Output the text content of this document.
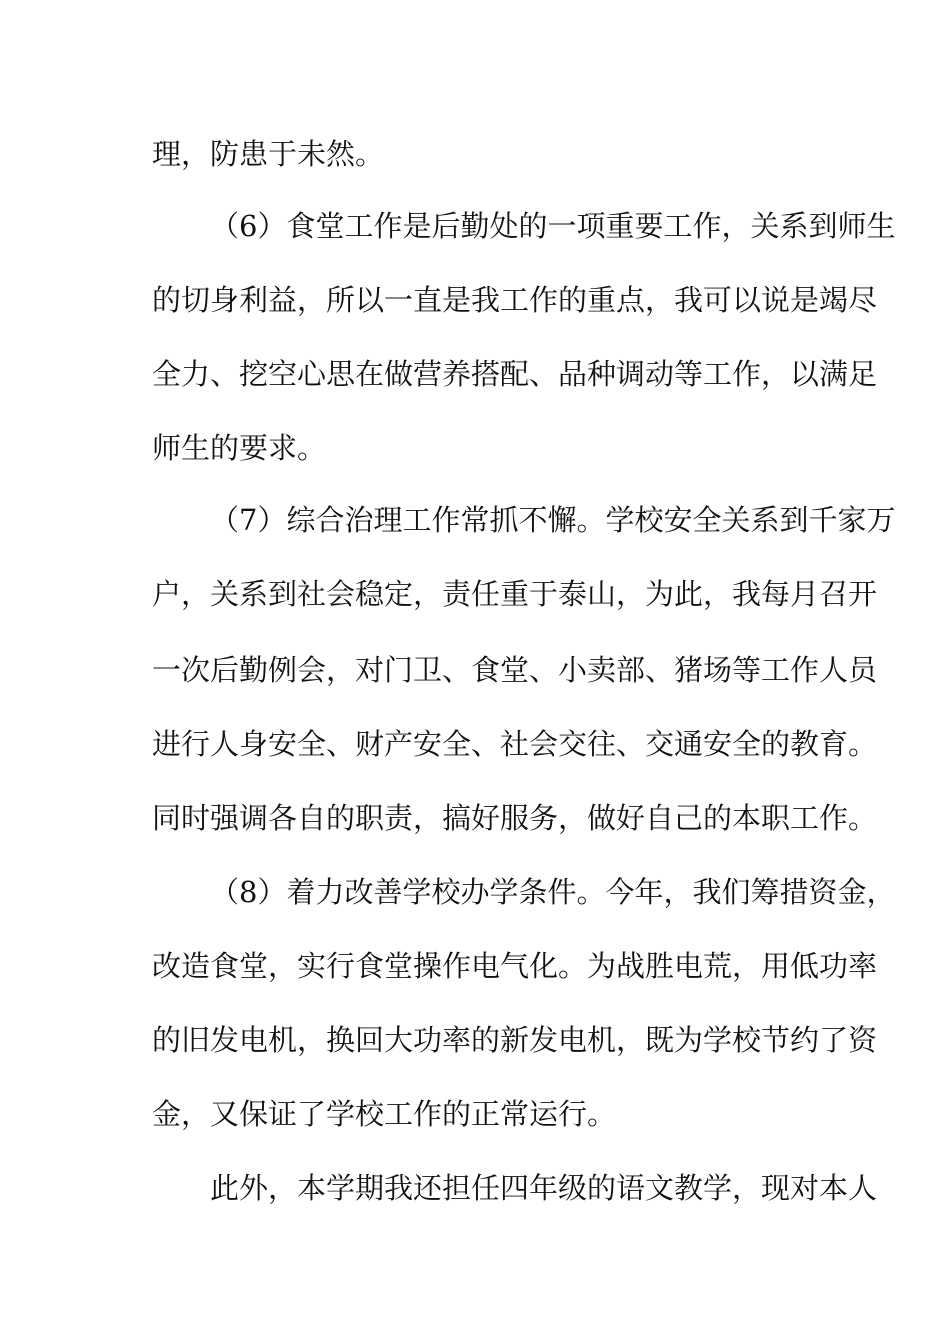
理，防患于未然。
（6）食堂工作是后勤处的一项重要工作，关系到师生
的切身利益，所以一直是我工作的重点，我可以说是竭尽
全力、挖空心思在做营养搭配、品种调动等工作，以满足
师生的要求。
（7）综合治理工作常抓不懈。学校安全关系到千家万
户，关系到社会稳定，责任重于泰山，为此，我每月召开
一次后勤例会，对门卫、食堂、小卖部、猪场等工作人员
进行人身安全、财产安全、社会交往、交通安全的教育。
同时强调各自的职责，搞好服务，做好自己的本职工作。
（8）着力改善学校办学条件。今年，我们筹措资金，
改造食堂，实行食堂操作电气化。为战胜电荒，用低功率
的旧发电机，换回大功率的新发电机，既为学校节约了资
金，又保证了学校工作的正常运行。
此外，本学期我还担任四年级的语文教学，现对本人
